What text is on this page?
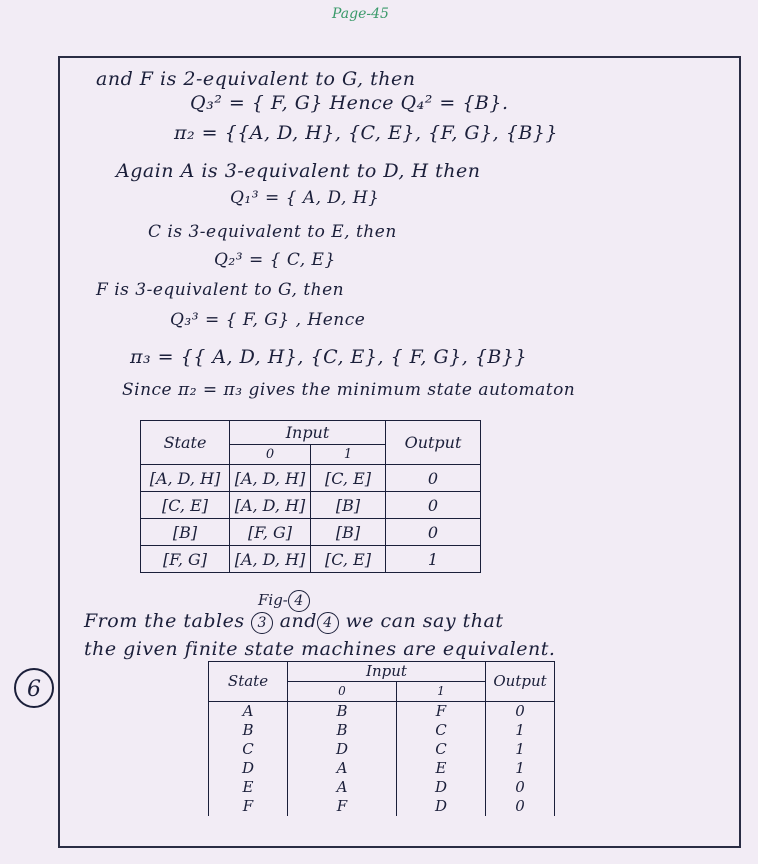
Page-45
and F is 2-equivalent to G, then
Q₃² = { F, G} Hence Q₄² = {B}.
π₂ = {{A, D, H}, {C, E}, {F, G}, {B}}
Again A is 3-equivalent to D, H then
Q₁³ = { A, D, H}
C is 3-equivalent to E, then
Q₂³ = { C, E}
F is 3-equivalent to G, then
Q₃³ = { F, G} , Hence
π₃ = {{ A, D, H}, {C, E}, { F, G}, {B}}
Since π₂ = π₃ gives the minimum state automaton
Fig- 4
From the tables 3 and 4 we can say that
the given finite state machines are equivalent.
State	Input		Output
	0	1	
[A, D, H]	[A, D, H]	[C, E]	0
[C, E]	[A, D, H]	[B]	0
[B]	[F, G]	[B]	0
[F, G]	[A, D, H]	[C, E]	1
6	State	Input		Output
	0	1	
A	B	F	0
B	B	C	1
C	D	C	1
D	A	E	1
E	A	D	0
F	F	D	0
